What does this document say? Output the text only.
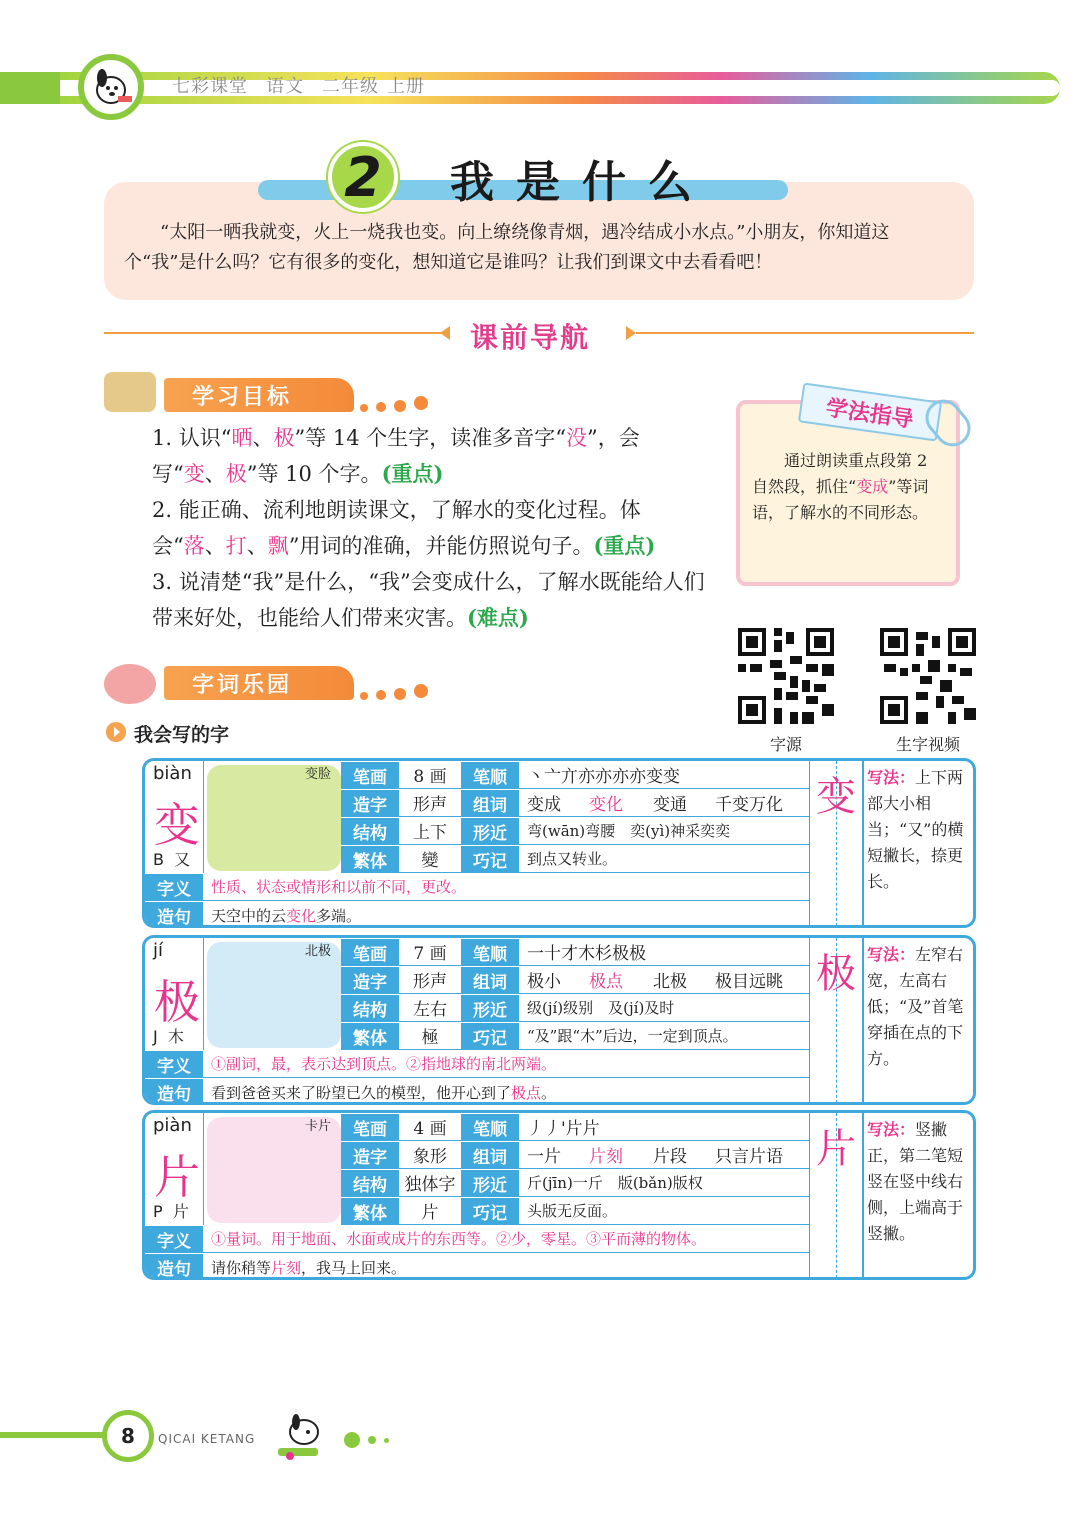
七彩课堂 语文 二年级 上册
2	我是什么
“太阳一晒我就变，火上一烧我也变。向上缭绕像青烟，遇冷结成小水点。”小朋友，你知道这个“我”是什么吗？它有很多的变化，想知道它是谁吗？让我们到课文中去看看吧！
课前导航
学习目标
1. 认识“晒、极”等 14 个生字，读准多音字“没”，会写“变、极”等 10 个字。(重点)
2. 能正确、流利地朗读课文，了解水的变化过程。体会“落、打、飘”用词的准确，并能仿照说句子。(重点)
3. 说清楚“我”是什么，“我”会变成什么，了解水既能给人们带来好处，也能给人们带来灾害。(难点)
学法指导
通过朗读重点段第 2 自然段，抓住“变成”等词语，了解水的不同形态。
字源	生字视频
字词乐园
我会写的字
biàn
变
B 又
变脸	笔画	8 画	笔顺	丶亠亣亦亦亦亦变变
造字	形声	组词	变成	变化	变通	千变万化
结构	上下	形近	弯(wān)弯腰　奕(yì)神采奕奕
繁体	變	巧记	到点又转业。
字义	性质、状态或情形和以前不同，更改。
造句	天空中的云 变化 多端。
变 写法：上下两部大小相当；“又”的横短撇长，捺更长。
jí
极
J 木
北极	笔画	7 画	笔顺	一十才木杉极极
造字	形声	组词	极小	极点	北极	极目远眺
结构	左右	形近	级(jí)级别　及(jí)及时
繁体	極	巧记	“及”跟“木”后边，一定到顶点。
字义	①副词，最，表示达到顶点。②指地球的南北两端。
造句	看到爸爸买来了盼望已久的模型，他开心到了 极点 。
极 写法：左窄右宽，左高右低；“及”首笔穿插在点的下方。
piàn
片
P 片
卡片	笔画	4 画	笔顺	丿丿'片片
造字	象形	组词	一片	片刻	片段	只言片语
结构	独体字	形近	斤(jīn)一斤　版(bǎn)版权
繁体	片	巧记	头版无反面。
字义	①量词。用于地面、水面或成片的东西等。②少，零星。③平而薄的物体。
造句	请你稍等 片刻 ，我马上回来。
片 写法：竖撇正，第二笔短竖在竖中线右侧，上端高于竖撇。
8	QICAI KETANG
